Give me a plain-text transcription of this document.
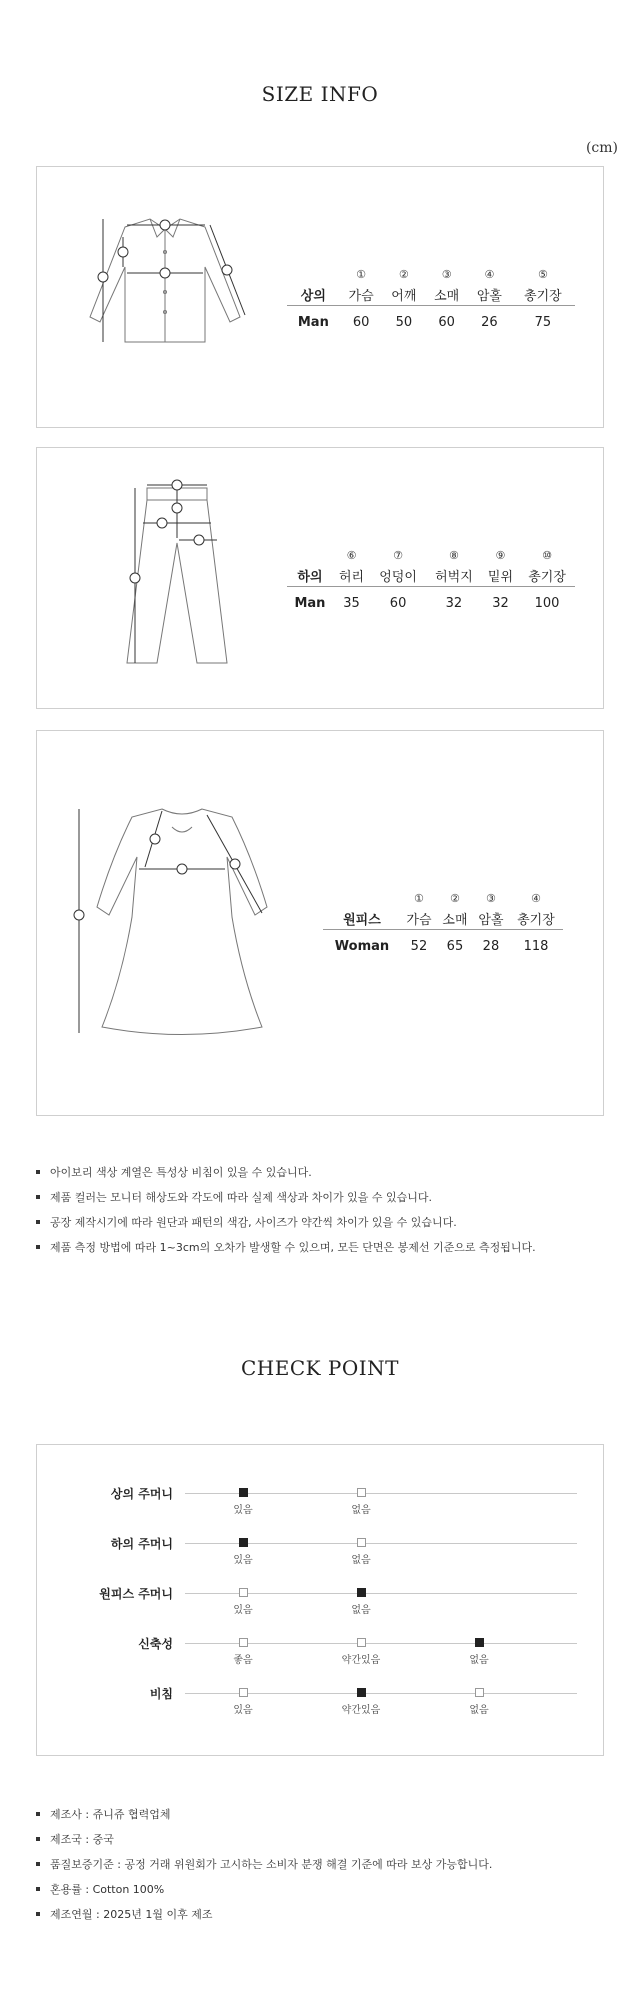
SIZE INFO
(cm)
	①	②	③	④	⑤
상의	가슴	어깨	소매	암홀	총기장
Man	60	50	60	26	75
	⑥	⑦	⑧	⑨	⑩
하의	허리	엉덩이	허벅지	밑위	총기장
Man	35	60	32	32	100
	①	②	③	④
원피스	가슴	소매	암홀	총기장
Woman	52	65	28	118
아이보리 색상 계열은 특성상 비침이 있을 수 있습니다.
제품 컬러는 모니터 해상도와 각도에 따라 실제 색상과 차이가 있을 수 있습니다.
공장 제작시기에 따라 원단과 패턴의 색감, 사이즈가 약간씩 차이가 있을 수 있습니다.
제품 측정 방법에 따라 1~3cm의 오차가 발생할 수 있으며, 모든 단면은 봉제선 기준으로 측정됩니다.
CHECK POINT
상의 주머니
있음	없음
하의 주머니
있음	없음
원피스 주머니
있음	없음
신축성
좋음	약간있음	없음
비침
있음	약간있음	없음
제조사 : 쥬니쥬 협력업체
제조국 : 중국
품질보증기준 : 공정 거래 위원회가 고시하는 소비자 분쟁 해결 기준에 따라 보상 가능합니다.
혼용률 : Cotton 100%
제조연월 : 2025년 1월 이후 제조
